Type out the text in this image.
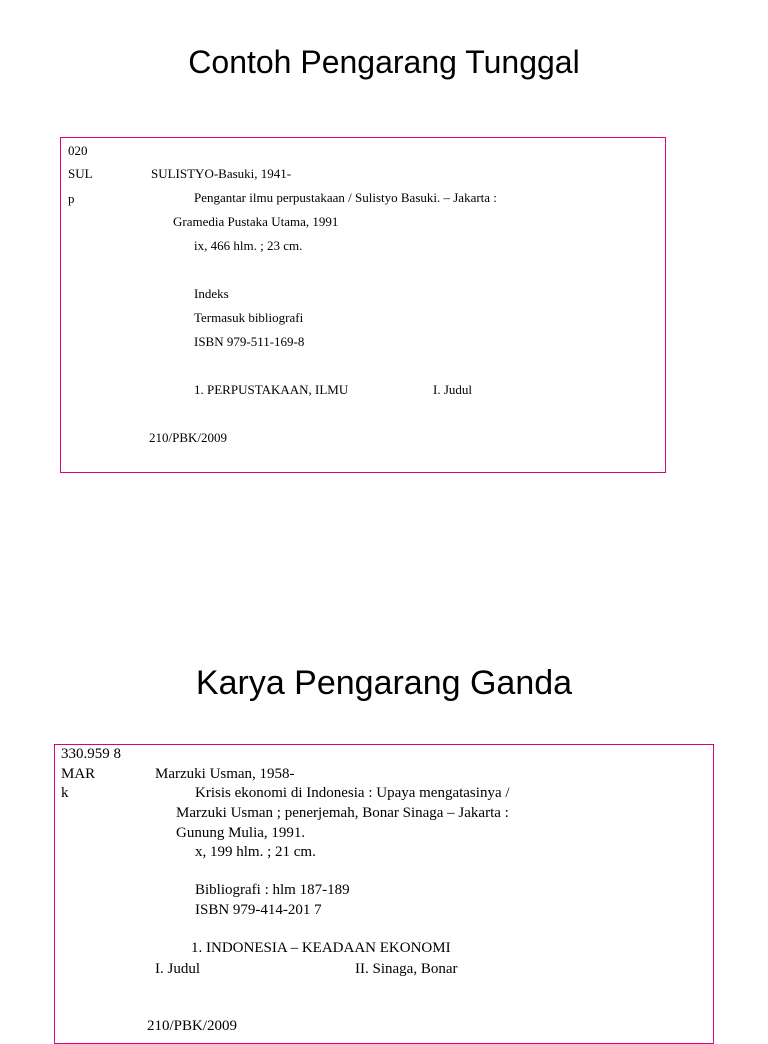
Contoh Pengarang Tunggal
020
SUL
p
SULISTYO-Basuki, 1941-
Pengantar ilmu perpustakaan / Sulistyo Basuki. – Jakarta :
Gramedia Pustaka Utama, 1991
ix, 466 hlm. ; 23 cm.
Indeks
Termasuk bibliografi
ISBN 979-511-169-8
1. PERPUSTAKAAN, ILMU	I. Judul
210/PBK/2009
Karya Pengarang Ganda
330.959 8
MAR
k
Marzuki Usman, 1958-
Krisis ekonomi di Indonesia : Upaya mengatasinya /
Marzuki Usman ; penerjemah, Bonar Sinaga – Jakarta :
Gunung Mulia, 1991.
x, 199 hlm. ; 21 cm.
Bibliografi : hlm 187-189
ISBN 979-414-201 7
1. INDONESIA – KEADAAN EKONOMI
I. Judul	II. Sinaga, Bonar
210/PBK/2009
